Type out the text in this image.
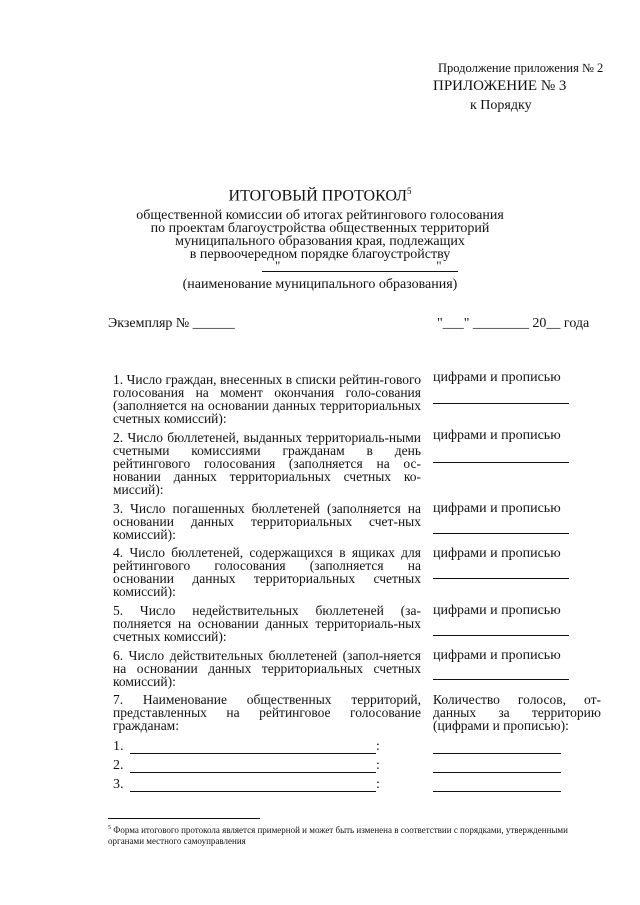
Продолжение приложения № 2
ПРИЛОЖЕНИЕ № 3
к Порядку
ИТОГОВЫЙ ПРОТОКОЛ$^5$
общественной комиссии об итогах рейтингового голосования
по проектам благоустройства общественных территорий
муниципального образования края, подлежащих
в первоочередном порядке благоустройству
"                                                "
(наименование муниципального образования)
Экземпляр № ______	"___" ________ 20__ года
1. Число граждан, внесенных в списки рейтин-гового голосования на момент окончания голо-сования (заполняется на основании данных территориальных счетных комиссий):
цифрами и прописью
2. Число бюллетеней, выданных территориаль-ными счетными комиссиями гражданам в день рейтингового голосования (заполняется на ос-новании данных территориальных счетных ко-миссий):
цифрами и прописью
3. Число погашенных бюллетеней (заполняется на основании данных территориальных счет-ных комиссий):
цифрами и прописью
4. Число бюллетеней, содержащихся в ящиках для рейтингового голосования (заполняется на основании данных территориальных счетных комиссий):
цифрами и прописью
5. Число недействительных бюллетеней (за-полняется на основании данных территориаль-ных счетных комиссий):
цифрами и прописью
6. Число действительных бюллетеней (запол-няется на основании данных территориальных счетных комиссий):
цифрами и прописью
7. Наименование общественных территорий, представленных на рейтинговое голосование гражданам:
Количество голосов, от-данных за территорию (цифрами и прописью):
1.	:
2.	:
3.	:
$^5$ Форма итогового протокола является примерной и может быть изменена в соответствии с порядками, утвержденными органами местного самоуправления
